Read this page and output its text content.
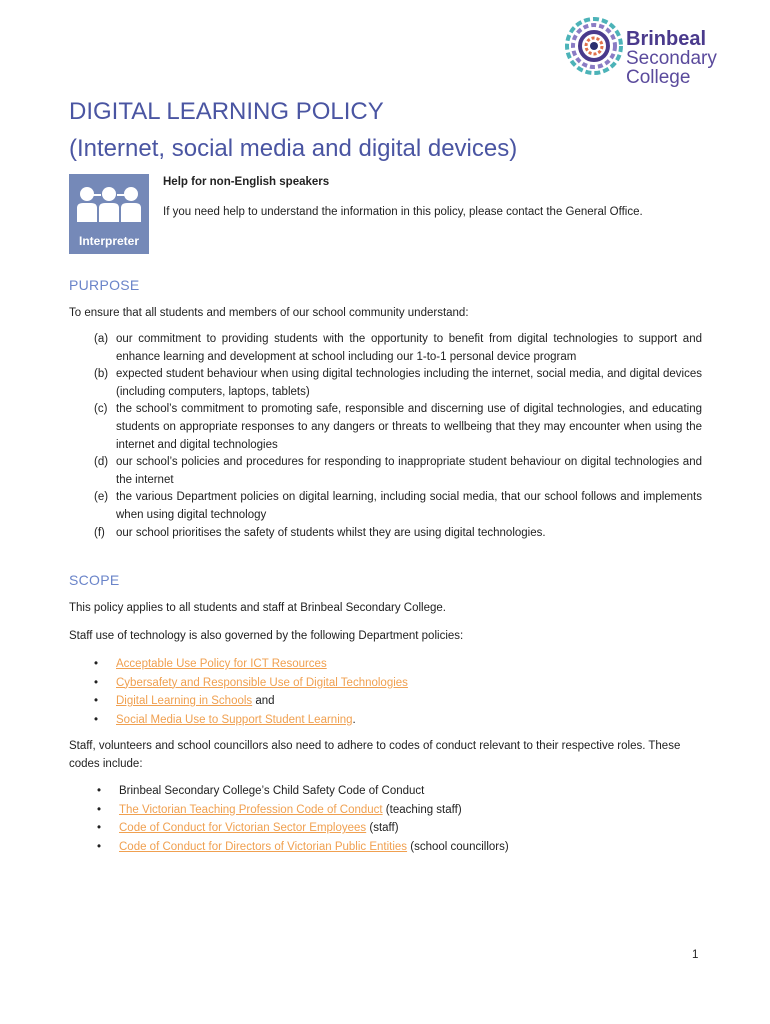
Brinbeal
Secondary
College
DIGITAL LEARNING POLICY
(Internet, social media and digital devices)
Interpreter
Help for non-English speakers
If you need help to understand the information in this policy, please contact the General Office.
PURPOSE
To ensure that all students and members of our school community understand:
(a) our commitment to providing students with the opportunity to benefit from digital technologies to support and enhance learning and development at school including our 1-to-1 personal device program
(b) expected student behaviour when using digital technologies including the internet, social media, and digital devices (including computers, laptops, tablets)
(c) the school’s commitment to promoting safe, responsible and discerning use of digital technologies, and educating students on appropriate responses to any dangers or threats to wellbeing that they may encounter when using the internet and digital technologies
(d) our school’s policies and procedures for responding to inappropriate student behaviour on digital technologies and the internet
(e) the various Department policies on digital learning, including social media, that our school follows and implements when using digital technology
(f) our school prioritises the safety of students whilst they are using digital technologies.
SCOPE
This policy applies to all students and staff at Brinbeal Secondary College.
Staff use of technology is also governed by the following Department policies:
• Acceptable Use Policy for ICT Resources
• Cybersafety and Responsible Use of Digital Technologies
• Digital Learning in Schools and
• Social Media Use to Support Student Learning.
Staff, volunteers and school councillors also need to adhere to codes of conduct relevant to their respective roles. These codes include:
• Brinbeal Secondary College’s Child Safety Code of Conduct
• The Victorian Teaching Profession Code of Conduct (teaching staff)
• Code of Conduct for Victorian Sector Employees (staff)
• Code of Conduct for Directors of Victorian Public Entities (school councillors)
1
